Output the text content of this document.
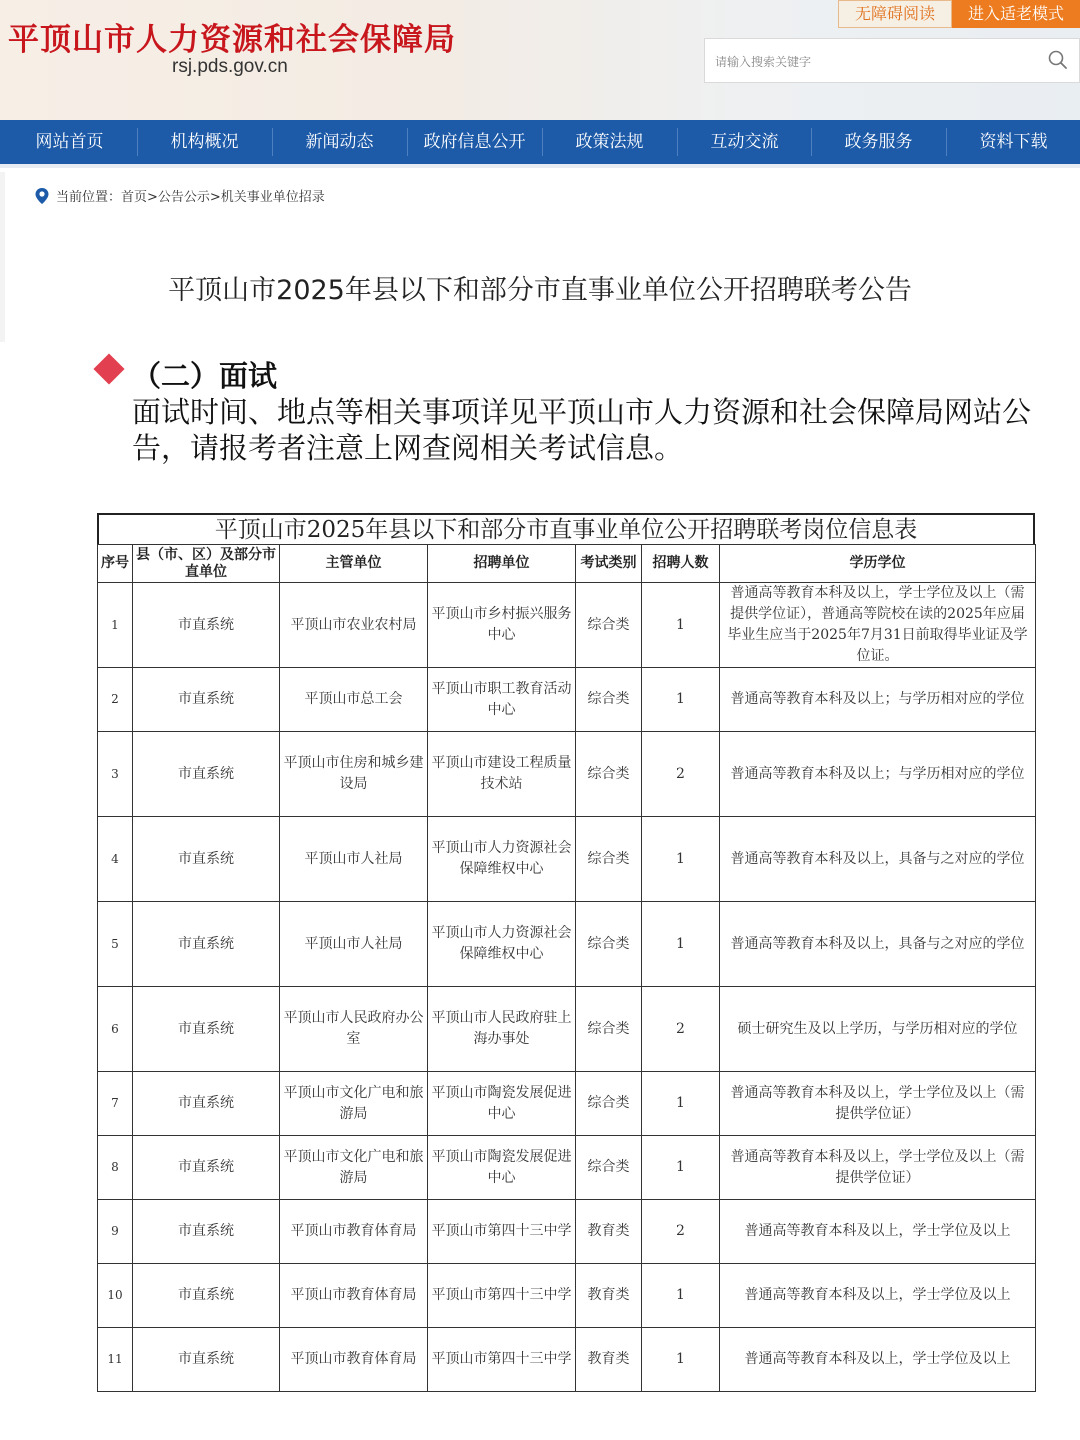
平顶山市人力资源和社会保障局
rsj.pds.gov.cn
无障碍阅读	进入适老模式
请输入搜索关键字
网站首页	机构概况	新闻动态	政府信息公开	政策法规	互动交流	政务服务	资料下载
当前位置：首页>公告公示>机关事业单位招录
平顶山市2025年县以下和部分市直事业单位公开招聘联考公告
（二）面试
面试时间、地点等相关事项详见平顶山市人力资源和社会保障局网站公告，请报考者注意上网查阅相关考试信息。
平顶山市2025年县以下和部分市直事业单位公开招聘联考岗位信息表
序号	县（市、区）及部分市直单位	主管单位	招聘单位	考试类别	招聘人数	学历学位
1	市直系统	平顶山市农业农村局	平顶山市乡村振兴服务中心	综合类	1	普通高等教育本科及以上，学士学位及以上（需提供学位证），普通高等院校在读的2025年应届毕业生应当于2025年7月31日前取得毕业证及学位证。
2	市直系统	平顶山市总工会	平顶山市职工教育活动中心	综合类	1	普通高等教育本科及以上；与学历相对应的学位
3	市直系统	平顶山市住房和城乡建设局	平顶山市建设工程质量技术站	综合类	2	普通高等教育本科及以上；与学历相对应的学位
4	市直系统	平顶山市人社局	平顶山市人力资源社会保障维权中心	综合类	1	普通高等教育本科及以上，具备与之对应的学位
5	市直系统	平顶山市人社局	平顶山市人力资源社会保障维权中心	综合类	1	普通高等教育本科及以上，具备与之对应的学位
6	市直系统	平顶山市人民政府办公室	平顶山市人民政府驻上海办事处	综合类	2	硕士研究生及以上学历，与学历相对应的学位
7	市直系统	平顶山市文化广电和旅游局	平顶山市陶瓷发展促进中心	综合类	1	普通高等教育本科及以上，学士学位及以上（需提供学位证）
8	市直系统	平顶山市文化广电和旅游局	平顶山市陶瓷发展促进中心	综合类	1	普通高等教育本科及以上，学士学位及以上（需提供学位证）
9	市直系统	平顶山市教育体育局	平顶山市第四十三中学	教育类	2	普通高等教育本科及以上，学士学位及以上
10	市直系统	平顶山市教育体育局	平顶山市第四十三中学	教育类	1	普通高等教育本科及以上，学士学位及以上
11	市直系统	平顶山市教育体育局	平顶山市第四十三中学	教育类	1	普通高等教育本科及以上，学士学位及以上
